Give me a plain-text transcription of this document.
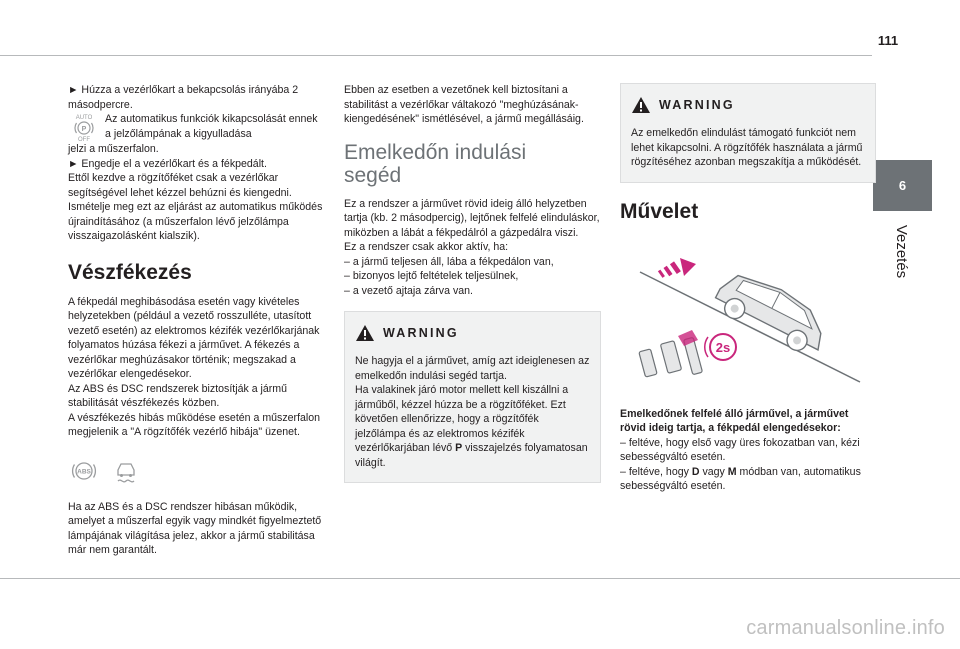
111
6
Vezetés

► Húzza a vezérlőkart a bekapcsolás irányába 2 másodpercre.

AUTO
P
OFF

Az automatikus funkciók kikapcsolását ennek a jelzőlámpának a kigyulladása

jelzi a műszerfalon.

► Engedje el a vezérlőkart és a fékpedált.

Ettől kezdve a rögzítőféket csak a vezérlőkar segítségével lehet kézzel behúzni és kiengedni. Ismételje meg ezt az eljárást az automatikus működés újraindításához (a műszerfalon lévő jelzőlámpa visszaigazolásként kialszik).

Vészfékezés

A fékpedál meghibásodása esetén vagy kivételes helyzetekben (például a vezető rosszulléte, utasított vezető esetén) az elektromos kézifék vezérlőkarjának folyamatos húzása fékezi a járművet. A fékezés a vezérlőkar meghúzásakor történik; megszakad a vezérlőkar elengedésekor.

Az ABS és DSC rendszerek biztosítják a jármű stabilitását vészfékezés közben.

A vészfékezés hibás működése esetén a műszerfalon megjelenik a "A rögzítőfék vezérlő hibája" üzenet.

ABS

Ha az ABS és a DSC rendszer hibásan működik, amelyet a műszerfal egyik vagy mindkét figyelmeztető lámpájának világítása jelez, akkor a jármű stabilitása már nem garantált.

Ebben az esetben a vezetőnek kell biztosítani a stabilitást a vezérlőkar váltakozó "meghúzásának-kiengedésének" ismétlésével, a jármű megállásáig.

Emelkedőn indulási segéd

Ez a rendszer a járművet rövid ideig álló helyzetben tartja (kb. 2 másodpercig), lejtőnek felfelé elinduláskor, miközben a lábát a fékpedálról a gázpedálra viszi.

Ez a rendszer csak akkor aktív, ha:

– a jármű teljesen áll, lába a fékpedálon van,

– bizonyos lejtő feltételek teljesülnek,

– a vezető ajtaja zárva van.

WARNING

Ne hagyja el a járművet, amíg azt ideiglenesen az emelkedőn indulási segéd tartja.

Ha valakinek járó motor mellett kell kiszállni a járműből, kézzel húzza be a rögzítőféket. Ezt követően ellenőrizze, hogy a rögzítőfék jelzőlámpa és az elektromos kézifék vezérlőkarjában lévő P visszajelzés folyamatosan világít.

WARNING

Az emelkedőn elindulást támogató funkciót nem lehet kikapcsolni. A rögzítőfék használata a jármű rögzítéséhez azonban megszakítja a működését.

Művelet
2s

Emelkedőnek felfelé álló járművel, a járművet rövid ideig tartja, a fékpedál elengedésekor:

– feltéve, hogy első vagy üres fokozatban van, kézi sebességváltó esetén.

– feltéve, hogy D vagy M módban van, automatikus sebességváltó esetén.

carmanualsonline.info
